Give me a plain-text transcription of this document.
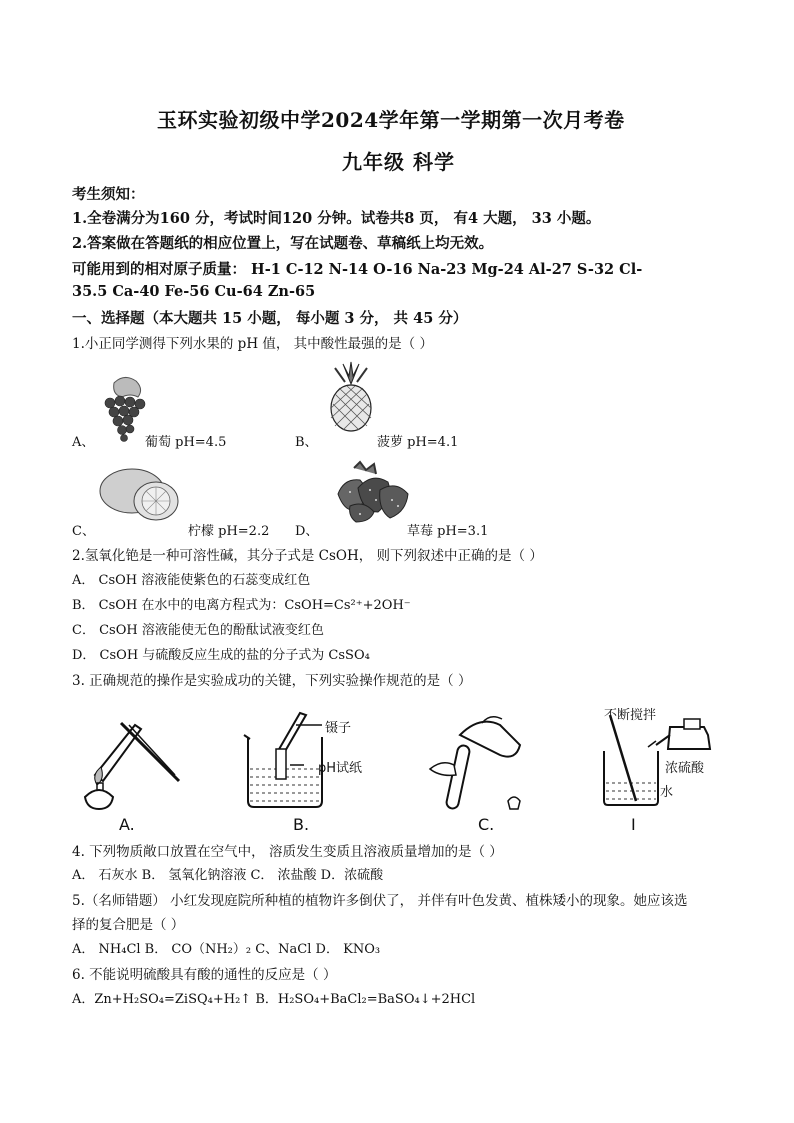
玉环实验初级中学2024学年第一学期第一次月考卷
九年级 科学
考生须知：
1.全卷满分为160 分，考试时间120 分钟。试卷共8 页， 有4 大题， 33 小题。
2.答案做在答题纸的相应位置上，写在试题卷、草稿纸上均无效。
可能用到的相对原子质量： H-1 C-12 N-14 O-16 Na-23 Mg-24 Al-27 S-32 Cl-
35.5 Ca-40 Fe-56 Cu-64 Zn-65
一、选择题（本大题共 15 小题， 每小题 3 分， 共 45 分）
1.小正同学测得下列水果的 pH 值， 其中酸性最强的是（ ）
A、	葡萄 pH=4.5	B、	菠萝 pH=4.1
C、	柠檬 pH=2.2 D、	草莓 pH=3.1
2.氢氧化铯是一种可溶性碱，其分子式是 CsOH， 则下列叙述中正确的是（ ）
A． CsOH 溶液能使紫色的石蕊变成红色
B． CsOH 在水中的电离方程式为：CsOH=Cs²⁺+2OH⁻
C． CsOH 溶液能使无色的酚酞试液变红色
D． CsOH 与硫酸反应生成的盐的分子式为 CsSO₄
3. 正确规范的操作是实验成功的关键，下列实验操作规范的是（ ）
A.
镊子
pH试纸
B.	C.
不断搅拌
浓硫酸
水
I
4. 下列物质敞口放置在空气中， 溶质发生变质且溶液质量增加的是（ ）
A． 石灰水 B． 氢氧化钠溶液 C． 浓盐酸 D．浓硫酸
5.（名师错题） 小红发现庭院所种植的植物许多倒伏了， 并伴有叶色发黄、植株矮小的现象。她应该选
择的复合肥是（ ）
A． NH₄Cl B． CO（NH₂）₂ C、NaCl D． KNO₃
6. 不能说明硫酸具有酸的通性的反应是（ ）
A．Zn+H₂SO₄=ZiSQ₄+H₂↑ B．H₂SO₄+BaCl₂=BaSO₄↓+2HCl
